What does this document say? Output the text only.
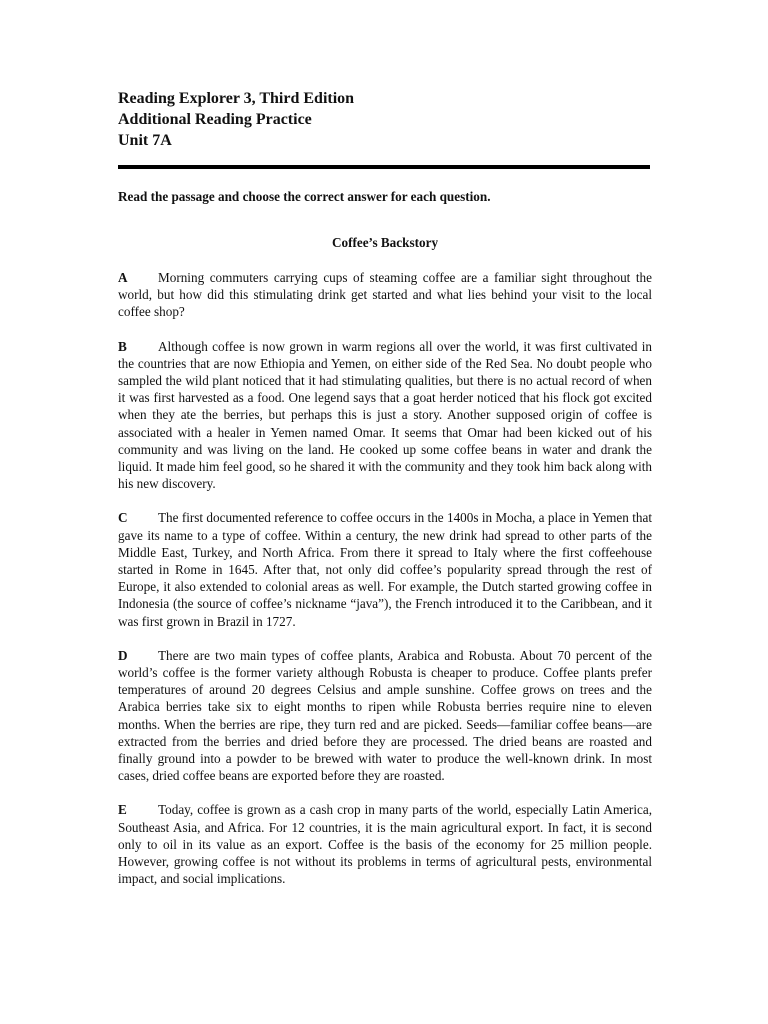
Reading Explorer 3, Third Edition
Additional Reading Practice
Unit 7A
Read the passage and choose the correct answer for each question.
Coffee’s Backstory

A Morning commuters carrying cups of steaming coffee are a familiar sight throughout the world, but how did this stimulating drink get started and what lies behind your visit to the local coffee shop?

B Although coffee is now grown in warm regions all over the world, it was first cultivated in the countries that are now Ethiopia and Yemen, on either side of the Red Sea. No doubt people who sampled the wild plant noticed that it had stimulating qualities, but there is no actual record of when it was first harvested as a food. One legend says that a goat herder noticed that his flock got excited when they ate the berries, but perhaps this is just a story. Another supposed origin of coffee is associated with a healer in Yemen named Omar. It seems that Omar had been kicked out of his community and was living on the land. He cooked up some coffee beans in water and drank the liquid. It made him feel good, so he shared it with the community and they took him back along with his new discovery.

C The first documented reference to coffee occurs in the 1400s in Mocha, a place in Yemen that gave its name to a type of coffee. Within a century, the new drink had spread to other parts of the Middle East, Turkey, and North Africa. From there it spread to Italy where the first coffeehouse started in Rome in 1645. After that, not only did coffee’s popularity spread through the rest of Europe, it also extended to colonial areas as well. For example, the Dutch started growing coffee in Indonesia (the source of coffee’s nickname “java”), the French introduced it to the Caribbean, and it was first grown in Brazil in 1727.

D There are two main types of coffee plants, Arabica and Robusta. About 70 percent of the world’s coffee is the former variety although Robusta is cheaper to produce. Coffee plants prefer temperatures of around 20 degrees Celsius and ample sunshine. Coffee grows on trees and the Arabica berries take six to eight months to ripen while Robusta berries require nine to eleven months. When the berries are ripe, they turn red and are picked. Seeds—familiar coffee beans—are extracted from the berries and dried before they are processed. The dried beans are roasted and finally ground into a powder to be brewed with water to produce the well-known drink. In most cases, dried coffee beans are exported before they are roasted.

E Today, coffee is grown as a cash crop in many parts of the world, especially Latin America, Southeast Asia, and Africa. For 12 countries, it is the main agricultural export. In fact, it is second only to oil in its value as an export. Coffee is the basis of the economy for 25 million people. However, growing coffee is not without its problems in terms of agricultural pests, environmental impact, and social implications.
